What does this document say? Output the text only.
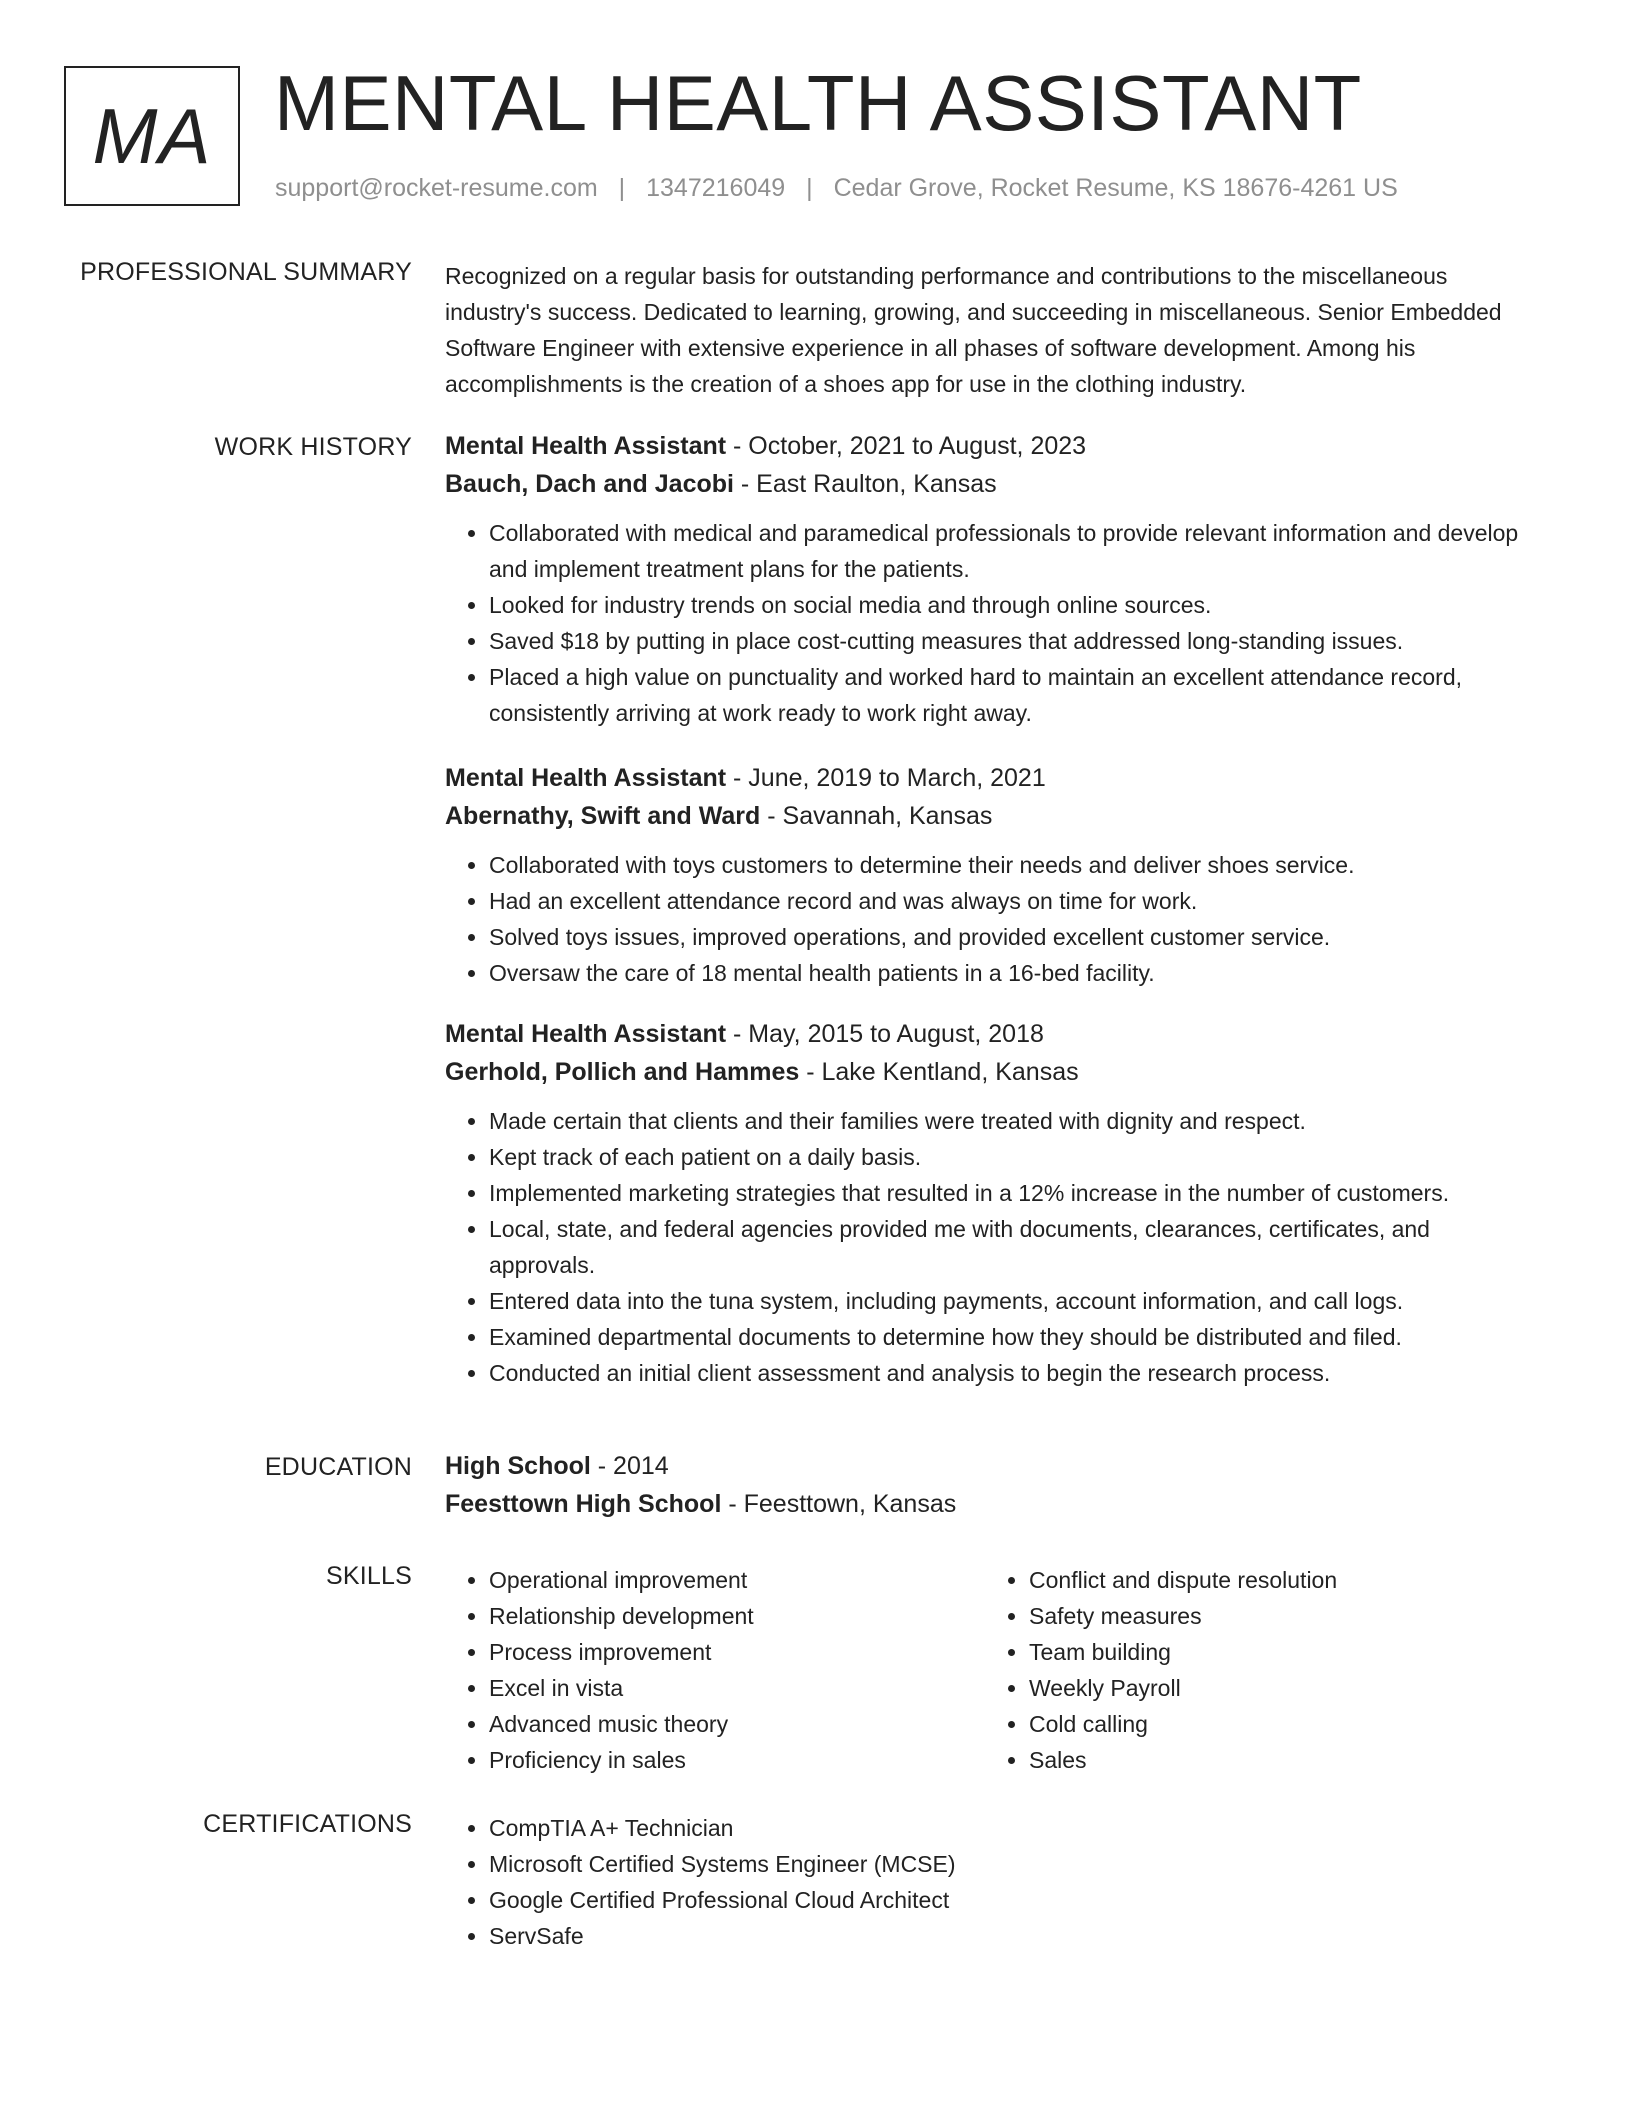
MA MENTAL HEALTH ASSISTANT
support@rocket-resume.com | 1347216049 | Cedar Grove, Rocket Resume, KS 18676-4261 US
PROFESSIONAL SUMMARY Recognized on a regular basis for outstanding performance and contributions to the miscellaneous industry's success. Dedicated to learning, growing, and succeeding in miscellaneous. Senior Embedded Software Engineer with extensive experience in all phases of software development. Among his accomplishments is the creation of a shoes app for use in the clothing industry.

WORK HISTORY Mental Health Assistant - October, 2021 to August, 2023
Bauch, Dach and Jacobi - East Raulton, Kansas
• Collaborated with medical and paramedical professionals to provide relevant information and develop and implement treatment plans for the patients.
• Looked for industry trends on social media and through online sources.
• Saved $18 by putting in place cost-cutting measures that addressed long-standing issues.
• Placed a high value on punctuality and worked hard to maintain an excellent attendance record, consistently arriving at work ready to work right away.
Mental Health Assistant - June, 2019 to March, 2021
Abernathy, Swift and Ward - Savannah, Kansas
• Collaborated with toys customers to determine their needs and deliver shoes service.
• Had an excellent attendance record and was always on time for work.
• Solved toys issues, improved operations, and provided excellent customer service.
• Oversaw the care of 18 mental health patients in a 16-bed facility.
Mental Health Assistant - May, 2015 to August, 2018
Gerhold, Pollich and Hammes - Lake Kentland, Kansas
• Made certain that clients and their families were treated with dignity and respect.
• Kept track of each patient on a daily basis.
• Implemented marketing strategies that resulted in a 12% increase in the number of customers.
• Local, state, and federal agencies provided me with documents, clearances, certificates, and approvals.
• Entered data into the tuna system, including payments, account information, and call logs.
• Examined departmental documents to determine how they should be distributed and filed.
• Conducted an initial client assessment and analysis to begin the research process.
EDUCATION High School - 2014
Feesttown High School - Feesttown, Kansas
SKILLS	• Operational improvement
• Relationship development
• Process improvement
• Excel in vista
• Advanced music theory
• Proficiency in sales
• Conflict and dispute resolution
• Safety measures
• Team building
• Weekly Payroll
• Cold calling
• Sales
CERTIFICATIONS	• CompTIA A+ Technician
• Microsoft Certified Systems Engineer (MCSE)
• Google Certified Professional Cloud Architect
• ServSafe
